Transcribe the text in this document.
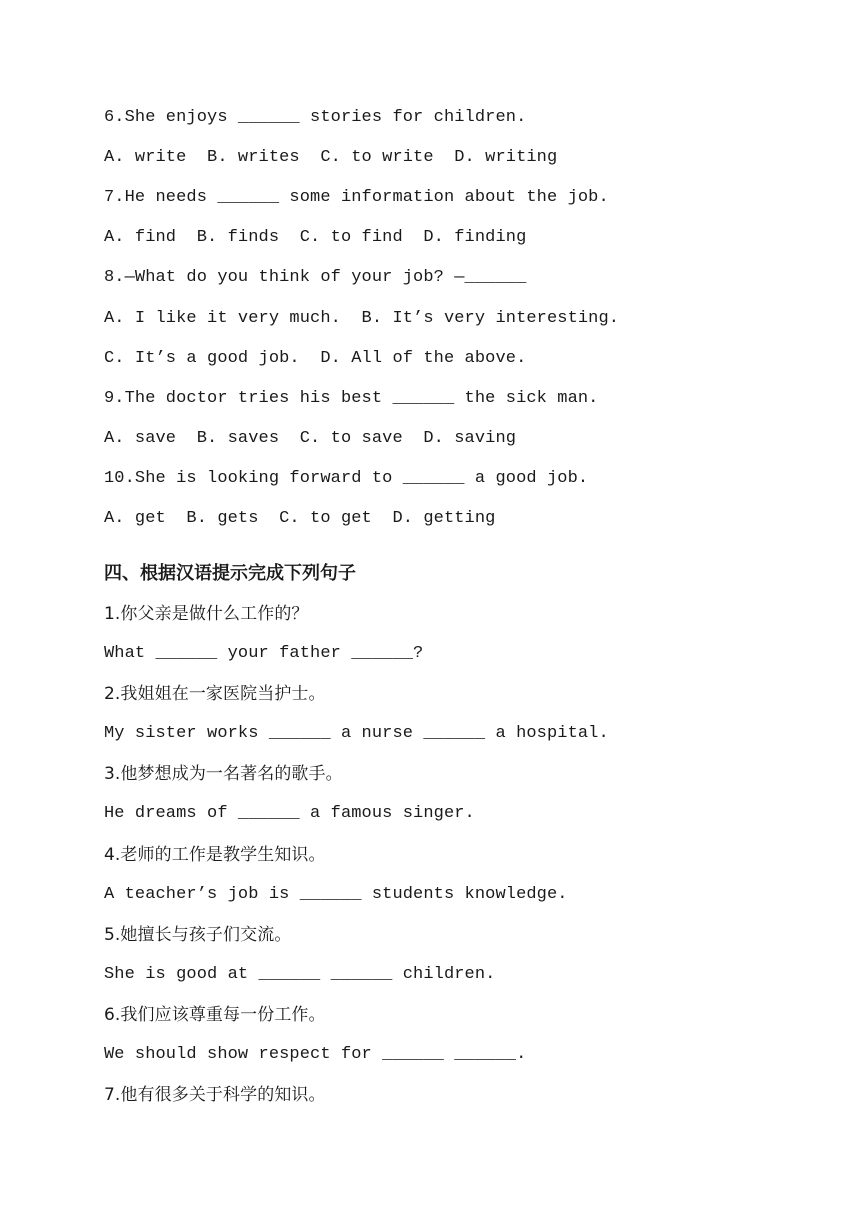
6.She enjoys ______ stories for children.
A. write  B. writes  C. to write  D. writing
7.He needs ______ some information about the job.
A. find  B. finds  C. to find  D. finding
8.—What do you think of your job? —______
A. I like it very much.  B. It’s very interesting.
C. It’s a good job.  D. All of the above.
9.The doctor tries his best ______ the sick man.
A. save  B. saves  C. to save  D. saving
10.She is looking forward to ______ a good job.
A. get  B. gets  C. to get  D. getting
四、根据汉语提示完成下列句子
1.你父亲是做什么工作的？
What ______ your father ______?
2.我姐姐在一家医院当护士。
My sister works ______ a nurse ______ a hospital.
3.他梦想成为一名著名的歌手。
He dreams of ______ a famous singer.
4.老师的工作是教学生知识。
A teacher’s job is ______ students knowledge.
5.她擅长与孩子们交流。
She is good at ______ ______ children.
6.我们应该尊重每一份工作。
We should show respect for ______ ______.
7.他有很多关于科学的知识。
